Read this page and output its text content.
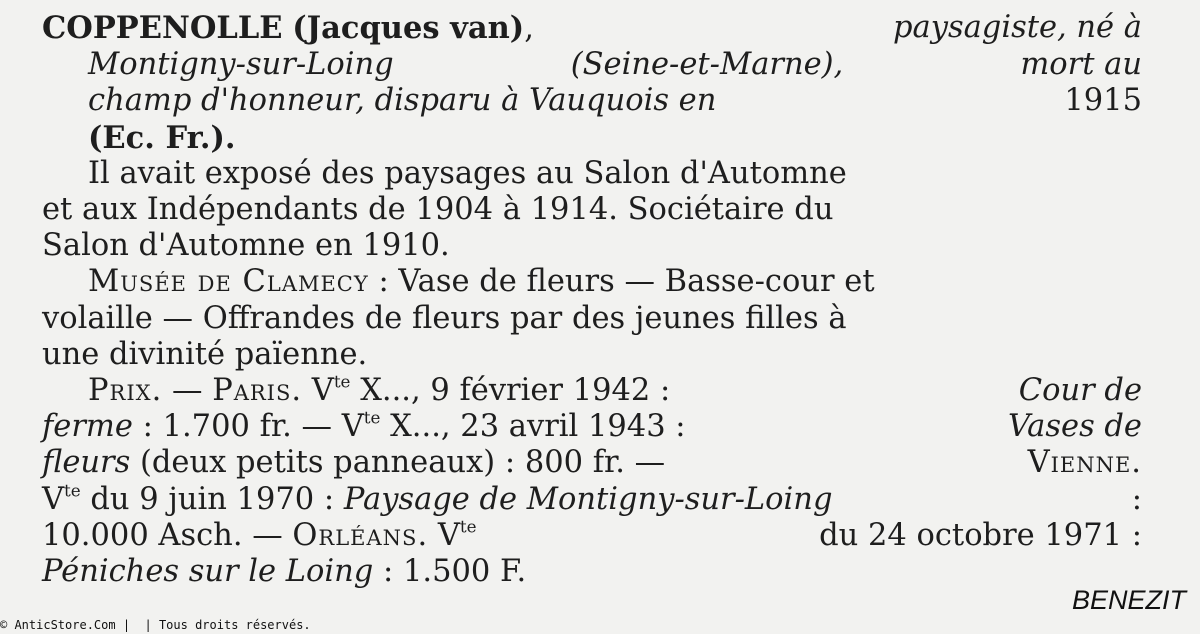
COPPENOLLE (Jacques van),	paysagiste, né à
Montigny-sur-Loing	(Seine-et-Marne),	mort au
champ d'honneur, disparu à Vauquois en	1915
(Ec. Fr.).
Il avait exposé des paysages au Salon d'Automne
et aux Indépendants de 1904 à 1914. Sociétaire du
Salon d'Automne en 1910.
Musée de Clamecy : Vase de fleurs — Basse-cour et
volaille — Offrandes de fleurs par des jeunes filles à
une divinité païenne.
Prix. — Paris. $V^{te}$ X..., 9 février 1942 :	Cour de
ferme : 1.700 fr. — $V^{te}$ X..., 23 avril 1943 :	Vases de
fleurs (deux petits panneaux) : 800 fr. —	Vienne.
$V^{te}$ du 9 juin 1970 : Paysage de Montigny-sur-Loing	:
10.000 Asch. — Orléans. $V^{te}$	du 24 octobre 1971 :
Péniches sur le Loing : 1.500 F.
BENEZIT
© AnticStore.Com |  | Tous droits réservés.
